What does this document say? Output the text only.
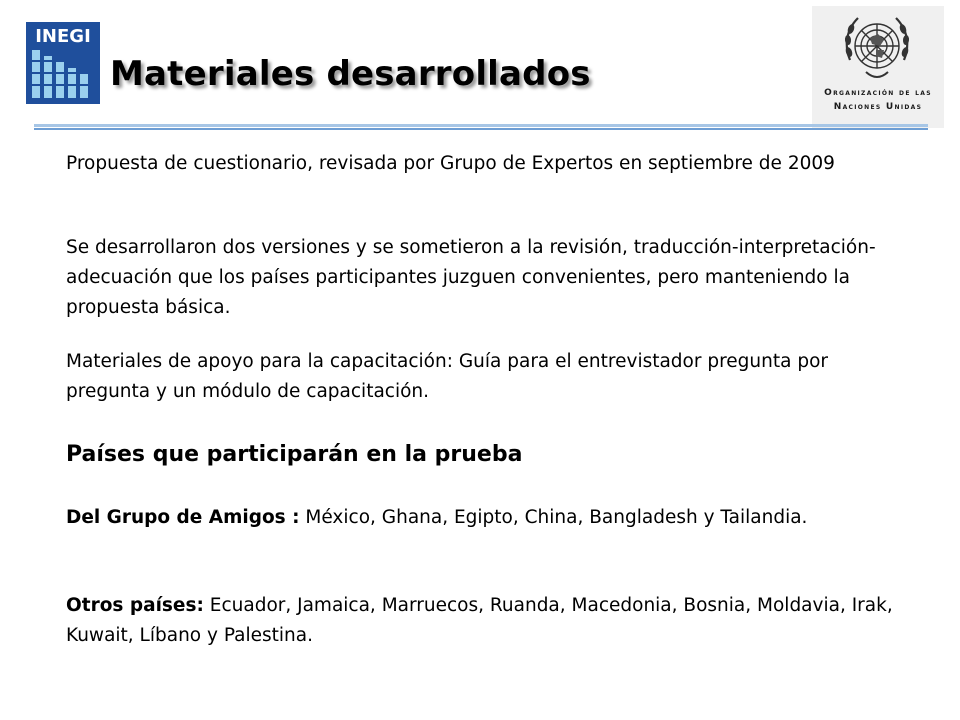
INEGI
Materiales desarrollados	Organización de las
Naciones Unidas

Propuesta de cuestionario, revisada por Grupo de Expertos en septiembre de 2009

Se desarrollaron dos versiones y se sometieron a la revisión, traducción-interpretación-adecuación que los países participantes juzguen convenientes, pero manteniendo la propuesta básica.

Materiales de apoyo para la capacitación: Guía para el entrevistador pregunta por pregunta y un módulo de capacitación.

Países que participarán en la prueba

Del Grupo de Amigos : México, Ghana, Egipto, China, Bangladesh y Tailandia.

Otros países: Ecuador, Jamaica, Marruecos, Ruanda, Macedonia, Bosnia, Moldavia, Irak, Kuwait, Líbano y Palestina.
